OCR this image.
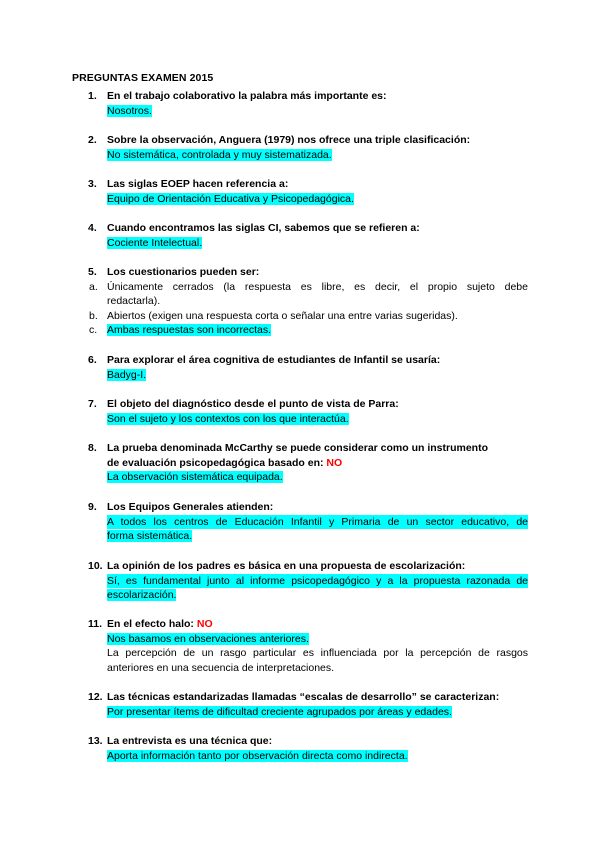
PREGUNTAS EXAMEN 2015
1. En el trabajo colaborativo la palabra más importante es:
Nosotros.
2. Sobre la observación, Anguera (1979) nos ofrece una triple clasificación:
No sistemática, controlada y muy sistematizada.
3. Las siglas EOEP hacen referencia a:
Equipo de Orientación Educativa y Psicopedagógica.
4. Cuando encontramos las siglas CI, sabemos que se refieren a:
Cociente Intelectual.
5. Los cuestionarios pueden ser:
a. Únicamente cerrados (la respuesta es libre, es decir, el propio sujeto debe
redactarla).
b. Abiertos (exigen una respuesta corta o señalar una entre varias sugeridas).
c. Ambas respuestas son incorrectas.
6. Para explorar el área cognitiva de estudiantes de Infantil se usaría:
Badyg-I.
7. El objeto del diagnóstico desde el punto de vista de Parra:
Son el sujeto y los contextos con los que interactúa.
8. La prueba denominada McCarthy se puede considerar como un instrumento
de evaluación psicopedagógica basado en: NO
La observación sistemática equipada.
9. Los Equipos Generales atienden:
A todos los centros de Educación Infantil y Primaria de un sector educativo, de
forma sistemática.
10. La opinión de los padres es básica en una propuesta de escolarización:
Sí, es fundamental junto al informe psicopedagógico y a la propuesta razonada de
escolarización.
11. En el efecto halo: NO
Nos basamos en observaciones anteriores.
La percepción de un rasgo particular es influenciada por la percepción de rasgos
anteriores en una secuencia de interpretaciones.
12. Las técnicas estandarizadas llamadas “escalas de desarrollo” se caracterizan:
Por presentar ítems de dificultad creciente agrupados por áreas y edades.
13. La entrevista es una técnica que:
Aporta información tanto por observación directa como indirecta.
